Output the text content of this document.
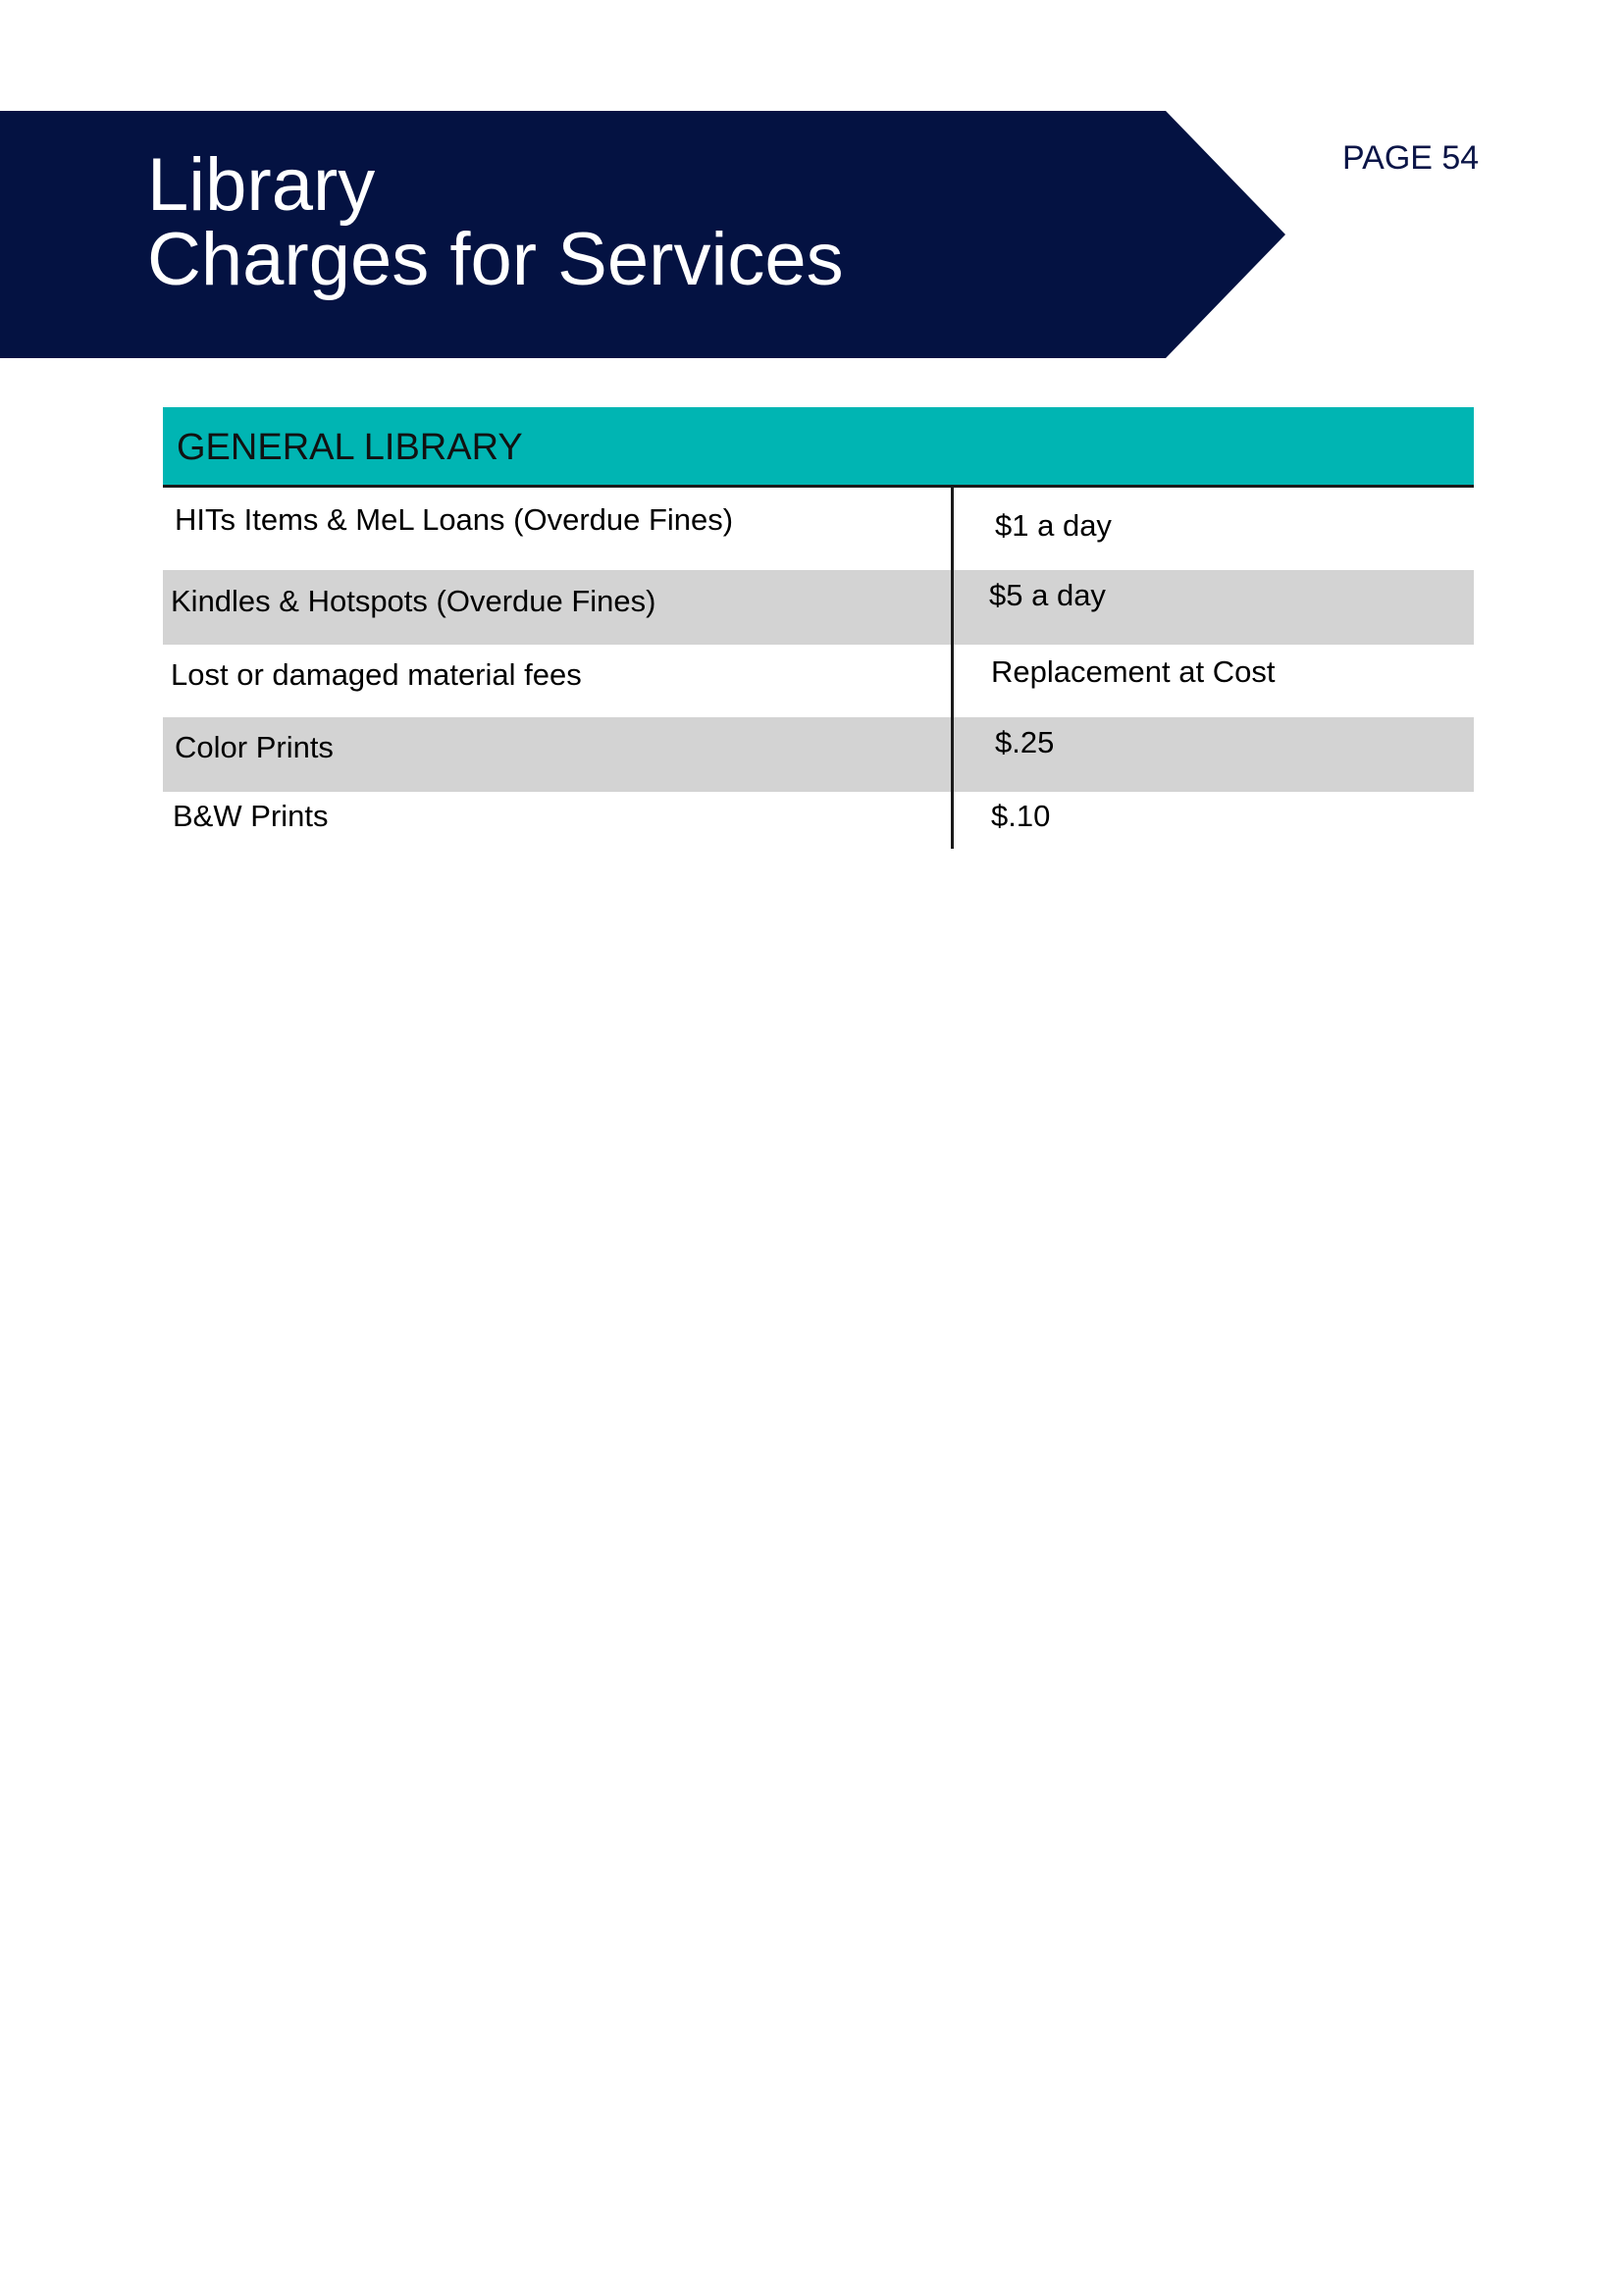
Library
Charges for Services
PAGE 54
GENERAL LIBRARY
HITs Items & MeL Loans (Overdue Fines)	$1 a day
Kindles & Hotspots (Overdue Fines)	$5 a day
Lost or damaged material fees	Replacement at Cost
Color Prints	$.25
B&W Prints	$.10
